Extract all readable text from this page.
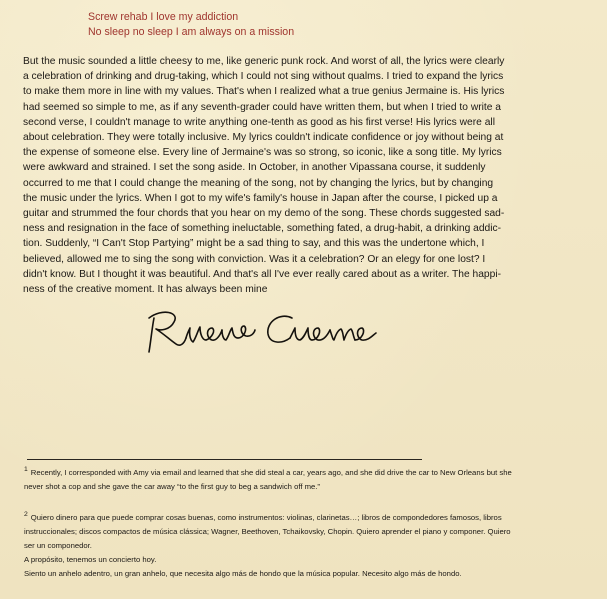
Screw rehab I love my addiction
No sleep no sleep I am always on a mission
But the music sounded a little cheesy to me, like generic punk rock. And worst of all, the lyrics were clearly
a celebration of drinking and drug-taking, which I could not sing without qualms. I tried to expand the lyrics
to make them more in line with my values. That's when I realized what a true genius Jermaine is. His lyrics
had seemed so simple to me, as if any seventh-grader could have written them, but when I tried to write a
second verse, I couldn't manage to write anything one-tenth as good as his first verse! His lyrics were all
about celebration. They were totally inclusive. My lyrics couldn't indicate confidence or joy without being at
the expense of someone else. Every line of Jermaine's was so strong, so iconic, like a song title. My lyrics
were awkward and strained. I set the song aside. In October, in another Vipassana course, it suddenly
occurred to me that I could change the meaning of the song, not by changing the lyrics, but by changing
the music under the lyrics. When I got to my wife's family's house in Japan after the course, I picked up a
guitar and strummed the four chords that you hear on my demo of the song. These chords suggested sad-
ness and resignation in the face of something ineluctable, something fated, a drug-habit, a drinking addic-
tion. Suddenly, “I Can't Stop Partying” might be a sad thing to say, and this was the undertone which, I
believed, allowed me to sing the song with conviction. Was it a celebration? Or an elegy for one lost? I
didn't know. But I thought it was beautiful. And that's all I've ever really cared about as a writer. The happi-
ness of the creative moment. It has always been mine
1 Recently, I corresponded with Amy via email and learned that she did steal a car, years ago, and she did drive the car to New Orleans but she
never shot a cop and she gave the car away “to the first guy to beg a sandwich off me.”
2 Quiero dinero para que puede comprar cosas buenas, como instrumentos: violinas, clarinetas…; libros de compondedores famosos, libros
instruccionales; discos compactos de música clássica; Wagner, Beethoven, Tchaikovsky, Chopin. Quiero aprender el piano y componer. Quiero
ser un componedor.
A propósito, tenemos un concierto hoy.
Siento un anhelo adentro, un gran anhelo, que necesita algo más de hondo que la música popular. Necesito algo más de hondo.
